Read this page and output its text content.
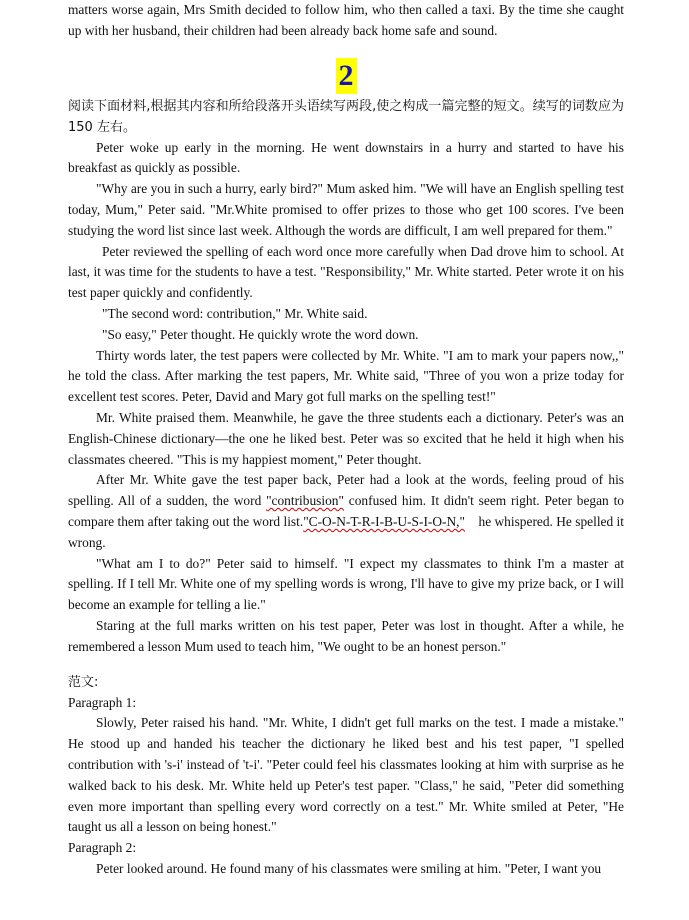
matters worse again, Mrs Smith decided to follow him, who then called a taxi. By the time she caught up with her husband, their children had been already back home safe and sound.

2

阅读下面材料,根据其内容和所给段落开头语续写两段,使之构成一篇完整的短文。续写的词数应为 150 左右。

Peter woke up early in the morning. He went downstairs in a hurry and started to have his breakfast as quickly as possible.

"Why are you in such a hurry, early bird?" Mum asked him. "We will have an English spelling test today, Mum," Peter said. "Mr.White promised to offer prizes to those who get 100 scores. I've been studying the word list since last week. Although the words are difficult, I am well prepared for them."

Peter reviewed the spelling of each word once more carefully when Dad drove him to school. At last, it was time for the students to have a test. "Responsibility," Mr. White started. Peter wrote it on his test paper quickly and confidently.

"The second word: contribution," Mr. White said.

"So easy," Peter thought. He quickly wrote the word down.

Thirty words later, the test papers were collected by Mr. White. "I am to mark your papers now,," he told the class. After marking the test papers, Mr. White said, "Three of you won a prize today for excellent test scores. Peter, David and Mary got full marks on the spelling test!"

Mr. White praised them. Meanwhile, he gave the three students each a dictionary. Peter's was an English-Chinese dictionary—the one he liked best. Peter was so excited that he held it high when his classmates cheered. "This is my happiest moment," Peter thought.

After Mr. White gave the test paper back, Peter had a look at the words, feeling proud of his spelling. All of a sudden, the word "contribusion" confused him. It didn't seem right. Peter began to compare them after taking out the word list."C-O-N-T-R-I-B-U-S-I-O-N,"    he whispered. He spelled it wrong.

"What am I to do?" Peter said to himself. "I expect my classmates to think I'm a master at spelling. If I tell Mr. White one of my spelling words is wrong, I'll have to give my prize back, or I will become an example for telling a lie."

Staring at the full marks written on his test paper, Peter was lost in thought. After a while, he remembered a lesson Mum used to teach him, "We ought to be an honest person."

范文:

Paragraph 1:

Slowly, Peter raised his hand. "Mr. White, I didn't get full marks on the test. I made a mistake." He stood up and handed his teacher the dictionary he liked best and his test paper, "I spelled contribution with 's-i' instead of 't-i'. "Peter could feel his classmates looking at him with surprise as he walked back to his desk. Mr. White held up Peter's test paper. "Class," he said, "Peter did something even more important than spelling every word correctly on a test." Mr. White smiled at Peter, "He taught us all a lesson on being honest."

Paragraph 2:

Peter looked around. He found many of his classmates were smiling at him. "Peter, I want you
